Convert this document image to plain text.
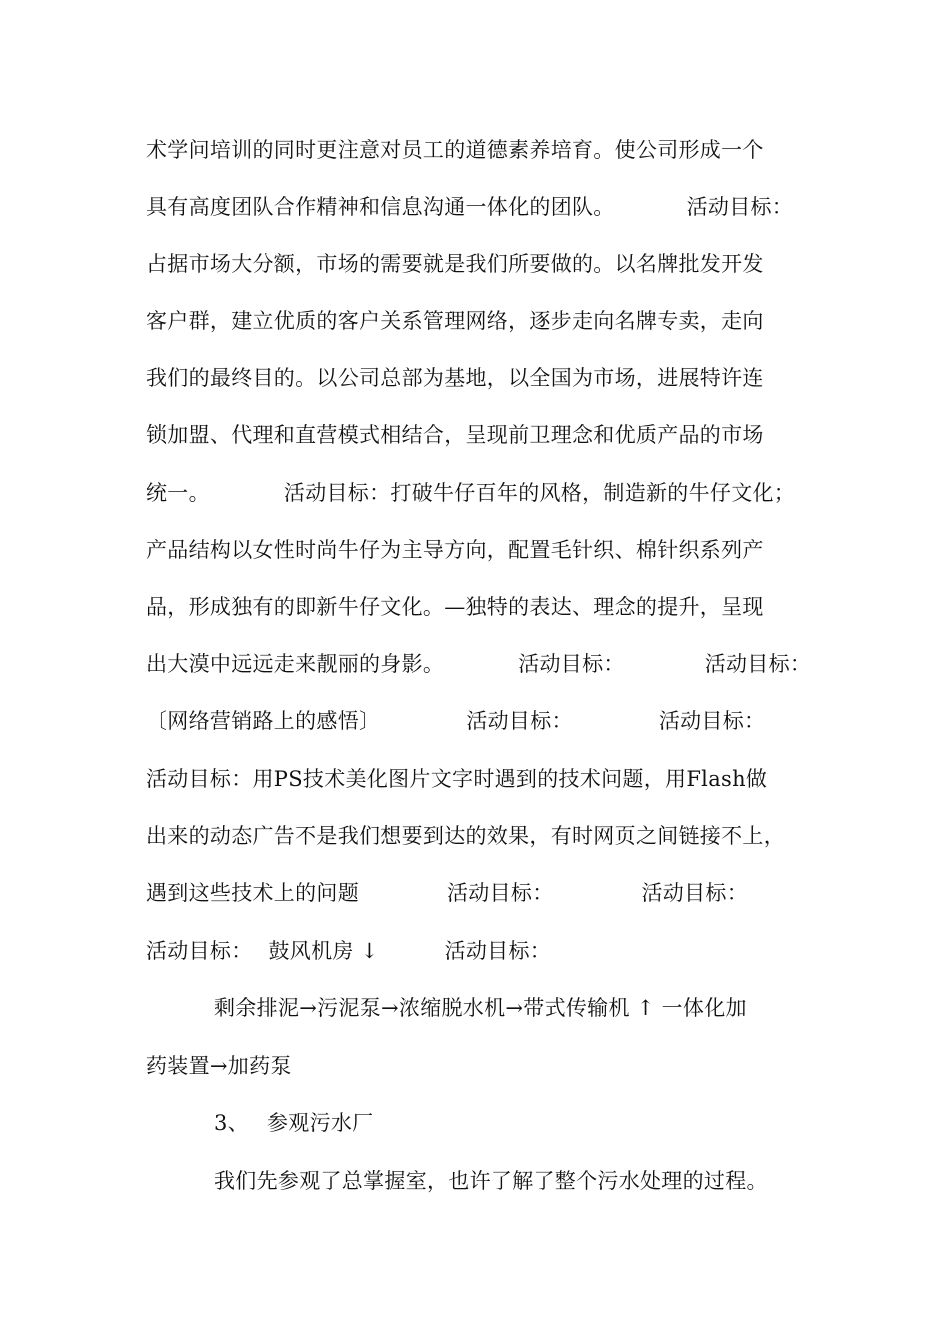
术学问培训的同时更注意对员工的道德素养培育。使公司形成一个
具有高度团队合作精神和信息沟通一体化的团队。	活动目标：
占据市场大分额，市场的需要就是我们所要做的。以名牌批发开发
客户群，建立优质的客户关系管理网络，逐步走向名牌专卖，走向
我们的最终目的。以公司总部为基地，以全国为市场，进展特许连
锁加盟、代理和直营模式相结合，呈现前卫理念和优质产品的市场
统一。	活动目标：打破牛仔百年的风格，制造新的牛仔文化；
产品结构以女性时尚牛仔为主导方向，配置毛针织、棉针织系列产
品，形成独有的即新牛仔文化。—独特的表达、理念的提升，呈现
出大漠中远远走来靓丽的身影。	活动目标：	活动目标：
〔网络营销路上的感悟〕	活动目标：	活动目标：
活动目标：用PS技术美化图片文字时遇到的技术问题，用Flash做
出来的动态广告不是我们想要到达的效果，有时网页之间链接不上，
遇到这些技术上的问题	活动目标：	活动目标：
活动目标： 鼓风机房 ↓	活动目标：
剩余排泥→污泥泵→浓缩脱水机→带式传输机 ↑ 一体化加
药装置→加药泵
3、 参观污水厂
我们先参观了总掌握室，也许了解了整个污水处理的过程。
